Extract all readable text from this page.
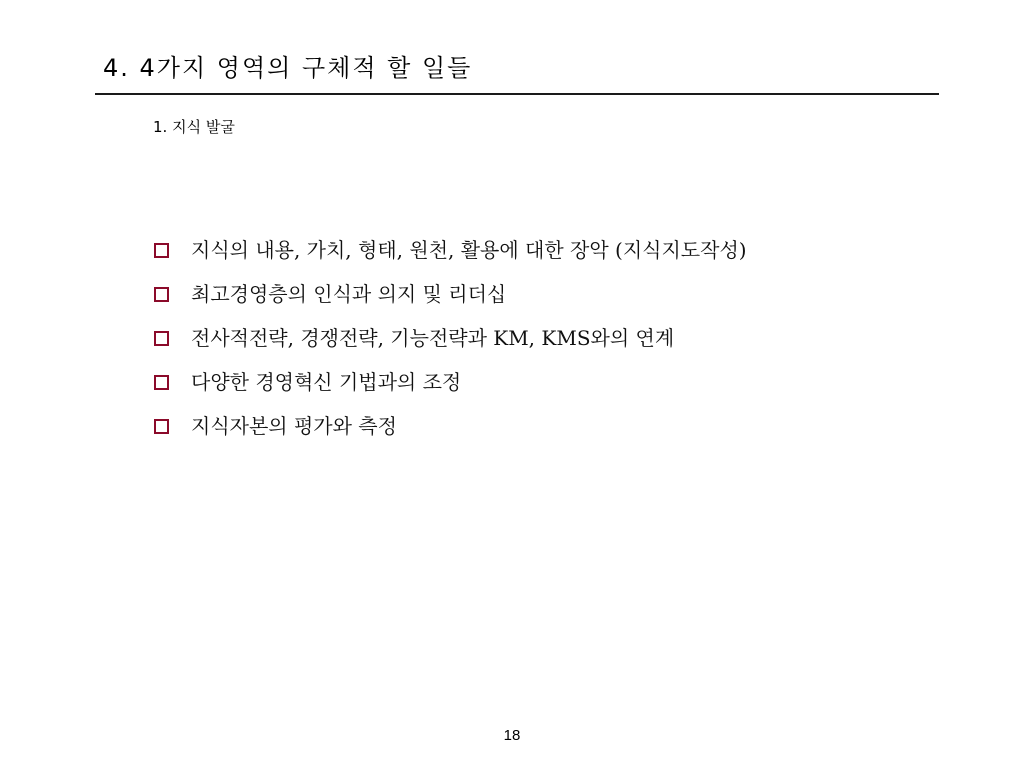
4. 4가지 영역의 구체적 할 일들
1. 지식 발굴
지식의 내용, 가치, 형태, 원천, 활용에 대한 장악 (지식지도작성)
최고경영층의 인식과 의지 및 리더십
전사적전략, 경쟁전략, 기능전략과 KM, KMS와의 연계
다양한 경영혁신 기법과의 조정
지식자본의 평가와 측정
18
